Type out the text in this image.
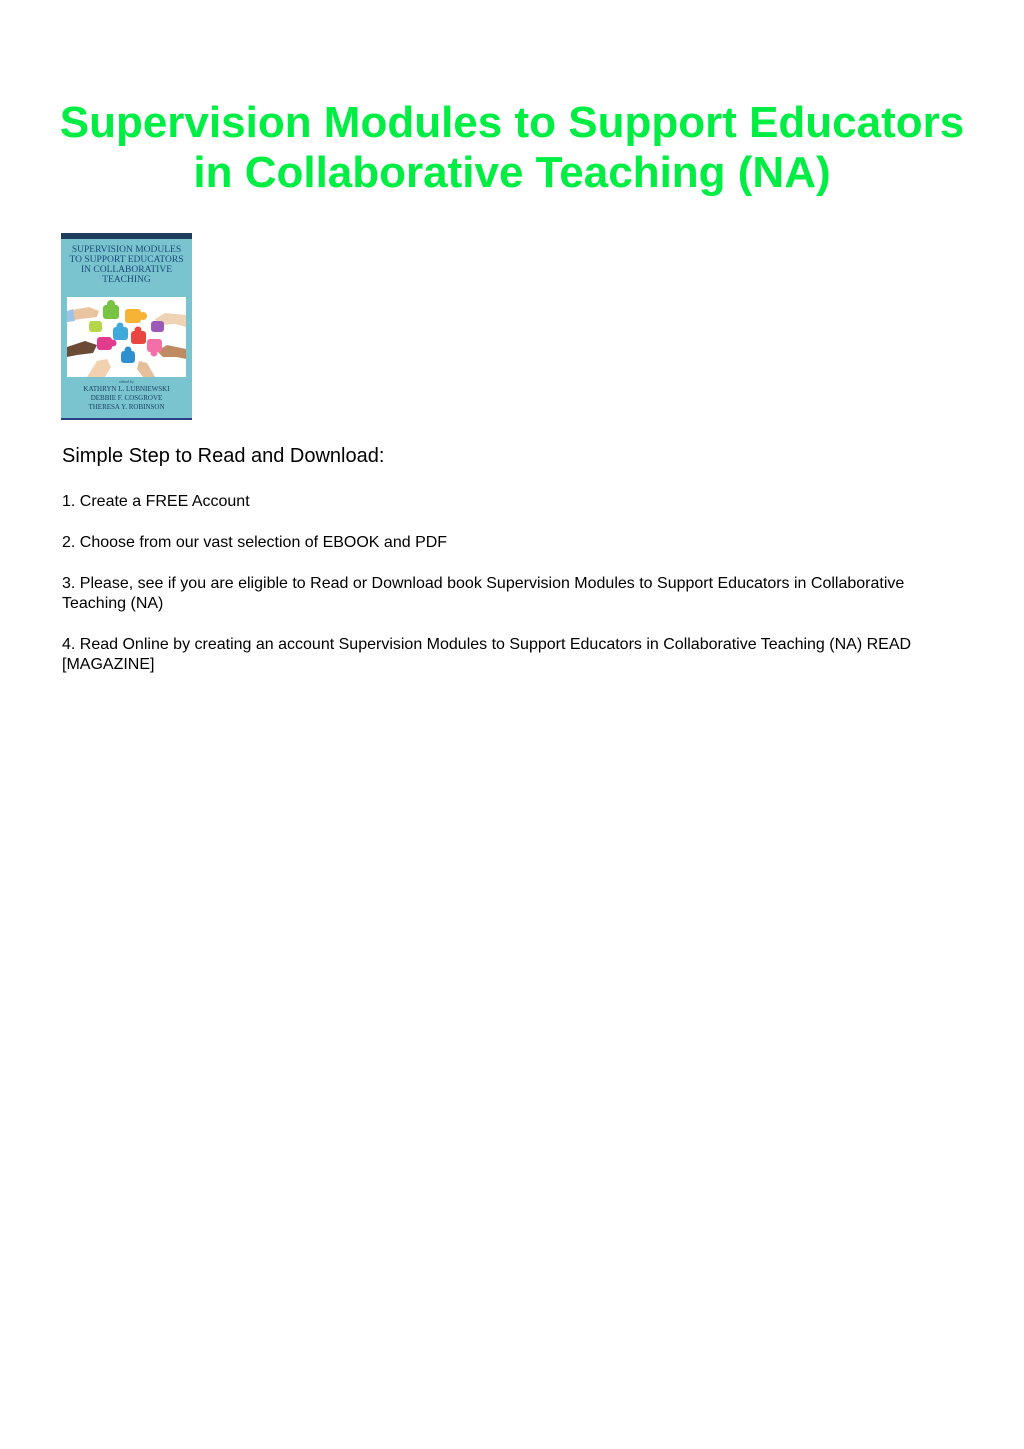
Supervision Modules to Support Educators in Collaborative Teaching (NA)
SUPERVISION MODULES
TO SUPPORT EDUCATORS
IN COLLABORATIVE
TEACHING
edited by
KATHRYN L. LUBNIEWSKI
DEBBIE F. COSGROVE
THERESA Y. ROBINSON
Simple Step to Read and Download:
1. Create a FREE Account
2. Choose from our vast selection of EBOOK and PDF
3. Please, see if you are eligible to Read or Download book Supervision Modules to Support Educators in Collaborative Teaching (NA)
4. Read Online by creating an account Supervision Modules to Support Educators in Collaborative Teaching (NA) READ [MAGAZINE]
